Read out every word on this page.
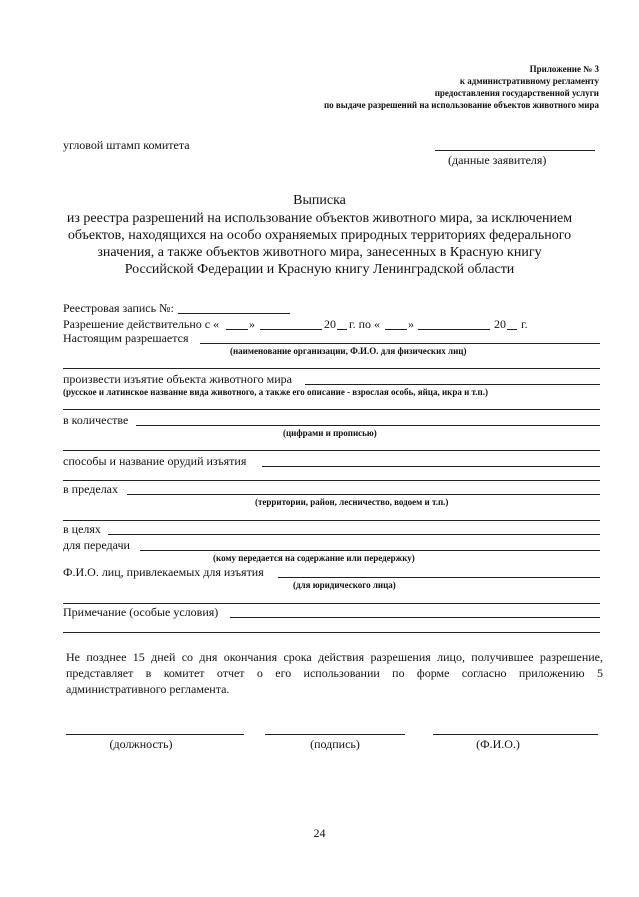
Приложение № 3
к административному регламенту
предоставления государственной услуги
по выдаче разрешений на использование объектов животного мира
угловой штамп комитета
(данные заявителя)
Выписка
из реестра разрешений на использование объектов животного мира, за исключением
объектов, находящихся на особо охраняемых природных территориях федерального
значения, а также объектов животного мира, занесенных в Красную книгу
Российской Федерации и Красную книгу Ленинградской области
Реестровая запись №:
Разрешение действительно с « »	20 г. по « »	20 г.
Настоящим разрешается
(наименование организации, Ф.И.О. для физических лиц)
произвести изъятие объекта животного мира
(русское и латинское название вида животного, а также его описание - взрослая особь, яйца, икра и т.п.)
в количестве
(цифрами и прописью)
способы и название орудий изъятия
в пределах
(территории, район, лесничество, водоем и т.п.)
в целях
для передачи
(кому передается на содержание или передержку)
Ф.И.О. лиц, привлекаемых для изъятия
(для юридического лица)
Примечание (особые условия)
Не позднее 15 дней со дня окончания срока действия разрешения лицо, получившее разрешение, представляет в комитет отчет о его использовании по форме согласно приложению 5 административного регламента.
(должность)	(подпись)	(Ф.И.О.)
24
